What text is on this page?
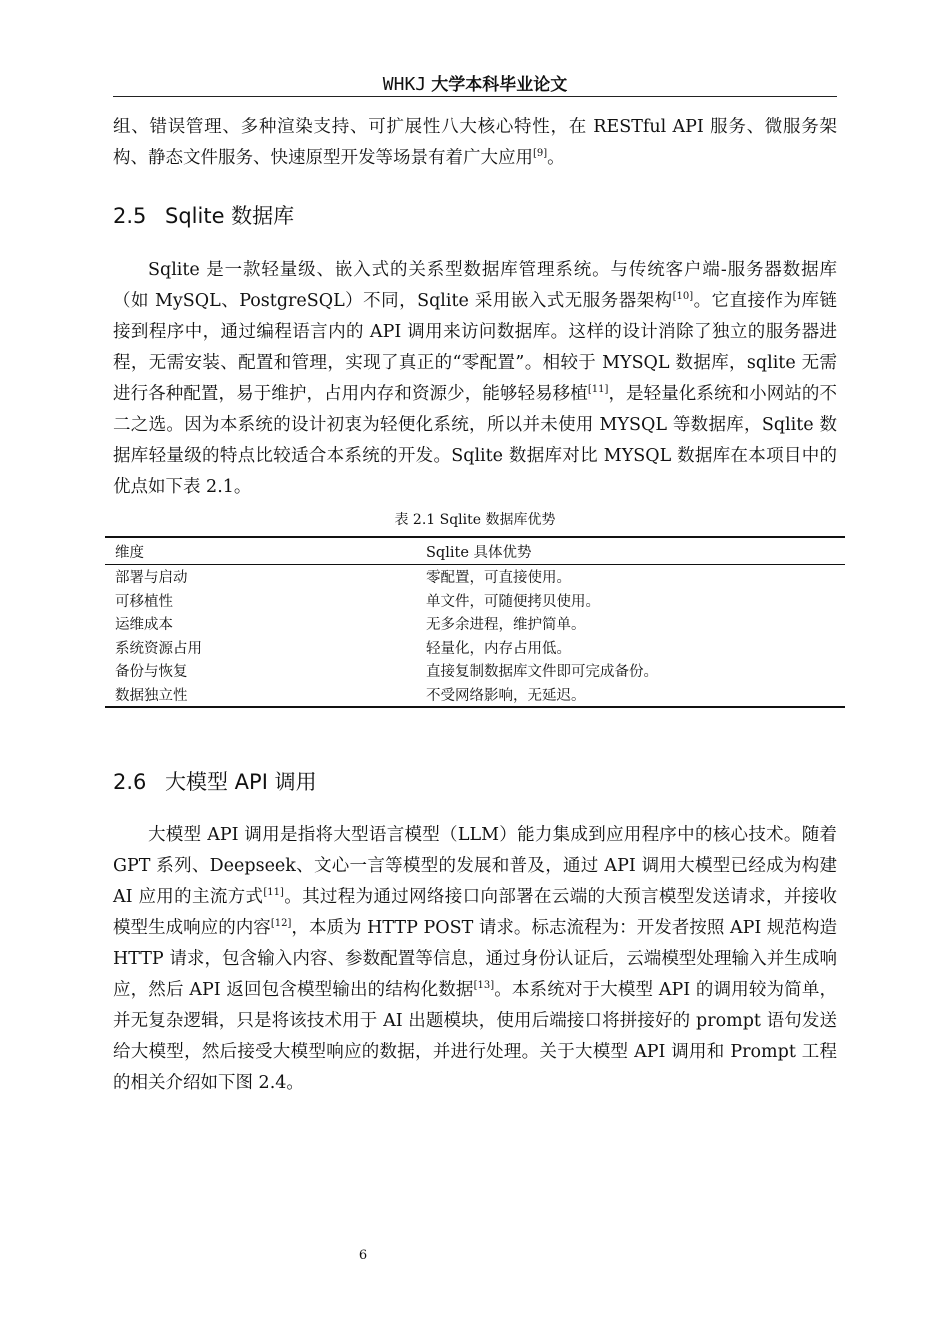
WHKJ 大学本科毕业论文

组、错误管理、多种渲染支持、可扩展性八大核心特性，在 RESTful API 服务、微服务架构、静态文件服务、快速原型开发等场景有着广大应用[9]。

2.5 Sqlite 数据库

Sqlite 是一款轻量级、嵌入式的关系型数据库管理系统。与传统客户端-服务器数据库（如 MySQL、PostgreSQL）不同，Sqlite 采用嵌入式无服务器架构[10]。它直接作为库链接到程序中，通过编程语言内的 API 调用来访问数据库。这样的设计消除了独立的服务器进程，无需安装、配置和管理，实现了真正的“零配置”。相较于 MYSQL 数据库，sqlite 无需进行各种配置，易于维护，占用内存和资源少，能够轻易移植[11]，是轻量化系统和小网站的不二之选。因为本系统的设计初衷为轻便化系统，所以并未使用 MYSQL 等数据库，Sqlite 数据库轻量级的特点比较适合本系统的开发。Sqlite 数据库对比 MYSQL 数据库在本项目中的优点如下表 2.1。

表 2.1 Sqlite 数据库优势
维度	Sqlite 具体优势
部署与启动	零配置，可直接使用。
可移植性	单文件，可随便拷贝使用。
运维成本	无多余进程，维护简单。
系统资源占用	轻量化，内存占用低。
备份与恢复	直接复制数据库文件即可完成备份。
数据独立性	不受网络影响，无延迟。
2.6 大模型 API 调用

大模型 API 调用是指将大型语言模型（LLM）能力集成到应用程序中的核心技术。随着 GPT 系列、Deepseek、文心一言等模型的发展和普及，通过 API 调用大模型已经成为构建 AI 应用的主流方式[11]。其过程为通过网络接口向部署在云端的大预言模型发送请求，并接收模型生成响应的内容[12]，本质为 HTTP POST 请求。标志流程为：开发者按照 API 规范构造 HTTP 请求，包含输入内容、参数配置等信息，通过身份认证后，云端模型处理输入并生成响应，然后 API 返回包含模型输出的结构化数据[13]。本系统对于大模型 API 的调用较为简单，并无复杂逻辑，只是将该技术用于 AI 出题模块，使用后端接口将拼接好的 prompt 语句发送给大模型，然后接受大模型响应的数据，并进行处理。关于大模型 API 调用和 Prompt 工程的相关介绍如下图 2.4。

6
